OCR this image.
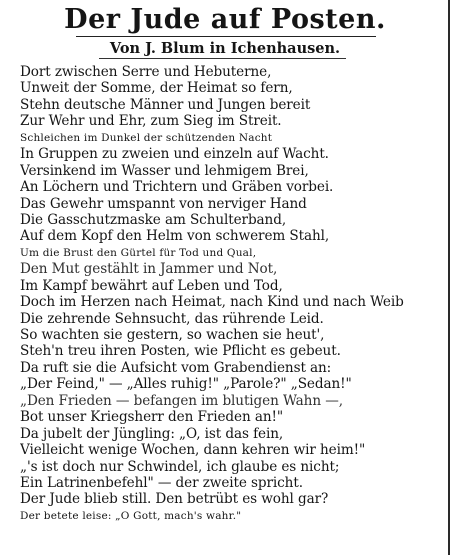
Der Jude auf Posten.
Von J. Blum in Ichenhausen.
Dort zwischen Serre und Hebuterne,
Unweit der Somme, der Heimat so fern,
Stehn deutsche Männer und Jungen bereit
Zur Wehr und Ehr, zum Sieg im Streit.
Schleichen im Dunkel der schützenden Nacht
In Gruppen zu zweien und einzeln auf Wacht.
Versinkend im Wasser und lehmigem Brei,
An Löchern und Trichtern und Gräben vorbei.
Das Gewehr umspannt von nerviger Hand
Die Gasschutzmaske am Schulterband,
Auf dem Kopf den Helm von schwerem Stahl,
Um die Brust den Gürtel für Tod und Qual,
Den Mut gestählt in Jammer und Not,
Im Kampf bewährt auf Leben und Tod,
Doch im Herzen nach Heimat, nach Kind und nach Weib
Die zehrende Sehnsucht, das rührende Leid.
So wachten sie gestern, so wachen sie heut',
Steh'n treu ihren Posten, wie Pflicht es gebeut.
Da ruft sie die Aufsicht vom Grabendienst an:
„Der Feind," — „Alles ruhig!" „Parole?" „Sedan!"
„Den Frieden — befangen im blutigen Wahn —,
Bot unser Kriegsherr den Frieden an!"
Da jubelt der Jüngling: „O, ist das fein,
Vielleicht wenige Wochen, dann kehren wir heim!"
„'s ist doch nur Schwindel, ich glaube es nicht;
Ein Latrinenbefehl" — der zweite spricht.
Der Jude blieb still. Den betrübt es wohl gar?
Der betete leise: „O Gott, mach's wahr."
